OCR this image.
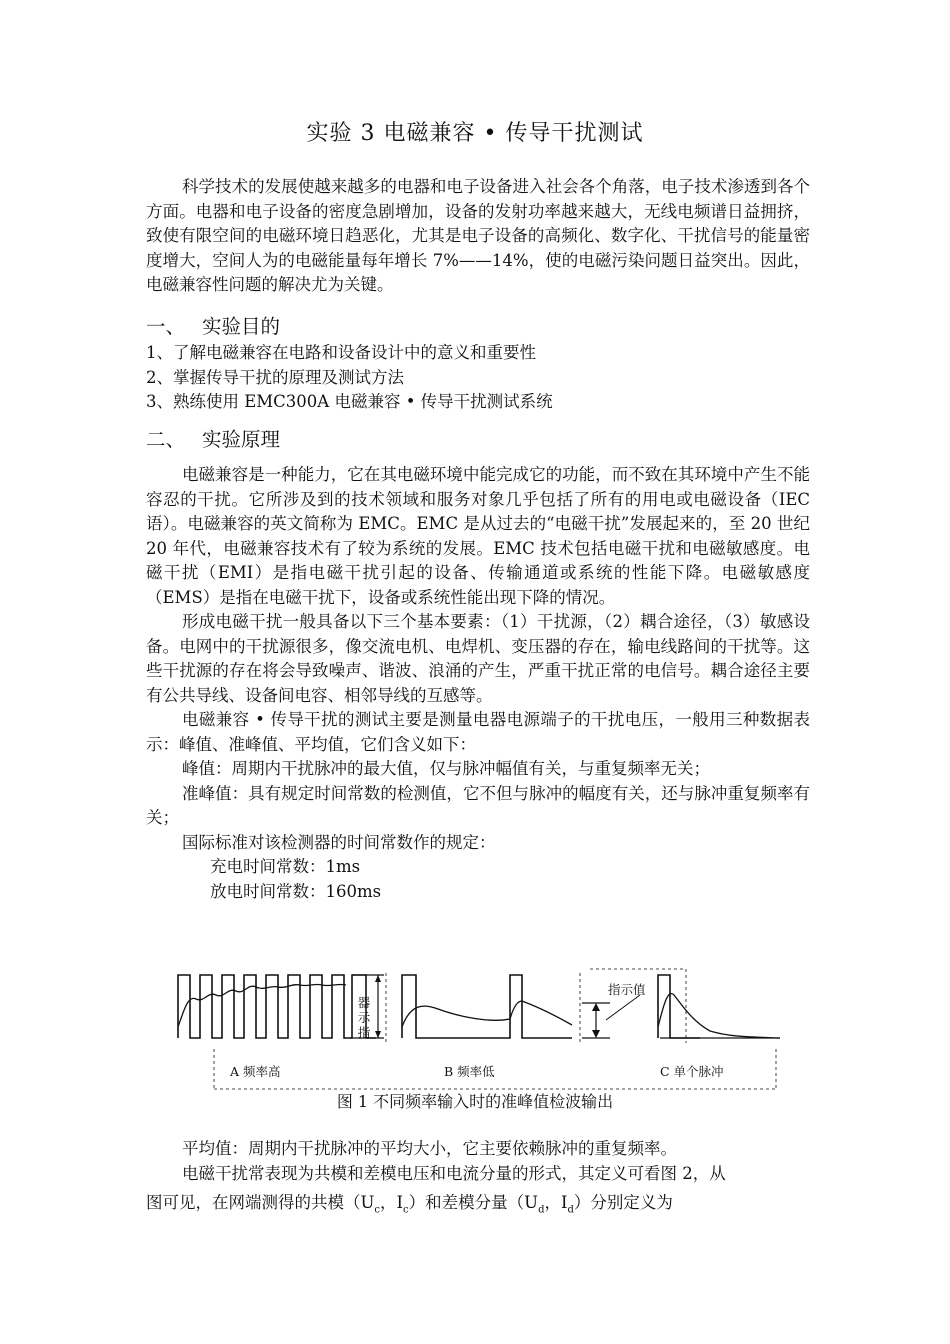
实验 3 电磁兼容 • 传导干扰测试

科学技术的发展使越来越多的电器和电子设备进入社会各个角落，电子技术渗透到各个方面。电器和电子设备的密度急剧增加，设备的发射功率越来越大，无线电频谱日益拥挤，致使有限空间的电磁环境日趋恶化，尤其是电子设备的高频化、数字化、干扰信号的能量密度增大，空间人为的电磁能量每年增长 7%——14%，使的电磁污染问题日益突出。因此，电磁兼容性问题的解决尤为关键。

一、 实验目的

1、了解电磁兼容在电路和设备设计中的意义和重要性

2、掌握传导干扰的原理及测试方法

3、熟练使用 EMC300A 电磁兼容 • 传导干扰测试系统

二、 实验原理

电磁兼容是一种能力，它在其电磁环境中能完成它的功能，而不致在其环境中产生不能容忍的干扰。它所涉及到的技术领域和服务对象几乎包括了所有的用电或电磁设备（IEC 语）。电磁兼容的英文简称为 EMC。EMC 是从过去的“电磁干扰”发展起来的，至 20 世纪 20 年代，电磁兼容技术有了较为系统的发展。EMC 技术包括电磁干扰和电磁敏感度。电磁干扰（EMI）是指电磁干扰引起的设备、传输通道或系统的性能下降。电磁敏感度（EMS）是指在电磁干扰下，设备或系统性能出现下降的情况。

形成电磁干扰一般具备以下三个基本要素：（1）干扰源，（2）耦合途径，（3）敏感设备。电网中的干扰源很多，像交流电机、电焊机、变压器的存在，输电线路间的干扰等。这些干扰源的存在将会导致噪声、谐波、浪涌的产生，严重干扰正常的电信号。耦合途径主要有公共导线、设备间电容、相邻导线的互感等。

电磁兼容 • 传导干扰的测试主要是测量电器电源端子的干扰电压，一般用三种数据表示：峰值、准峰值、平均值，它们含义如下：

峰值：周期内干扰脉冲的最大值，仅与脉冲幅值有关，与重复频率无关；

准峰值：具有规定时间常数的检测值，它不但与脉冲的幅度有关，还与脉冲重复频率有关；

国际标准对该检测器的时间常数作的规定：

充电时间常数：1ms

放电时间常数：160ms

器
示
指
指示值
A 频率高	B 频率低	C 单个脉冲
图 1 不同频率输入时的准峰值检波输出

平均值：周期内干扰脉冲的平均大小，它主要依赖脉冲的重复频率。

电磁干扰常表现为共模和差模电压和电流分量的形式，其定义可看图 2，从

图可见，在网端测得的共模（$U_c$，$I_c$）和差模分量（$U_d$，$I_d$）分别定义为
